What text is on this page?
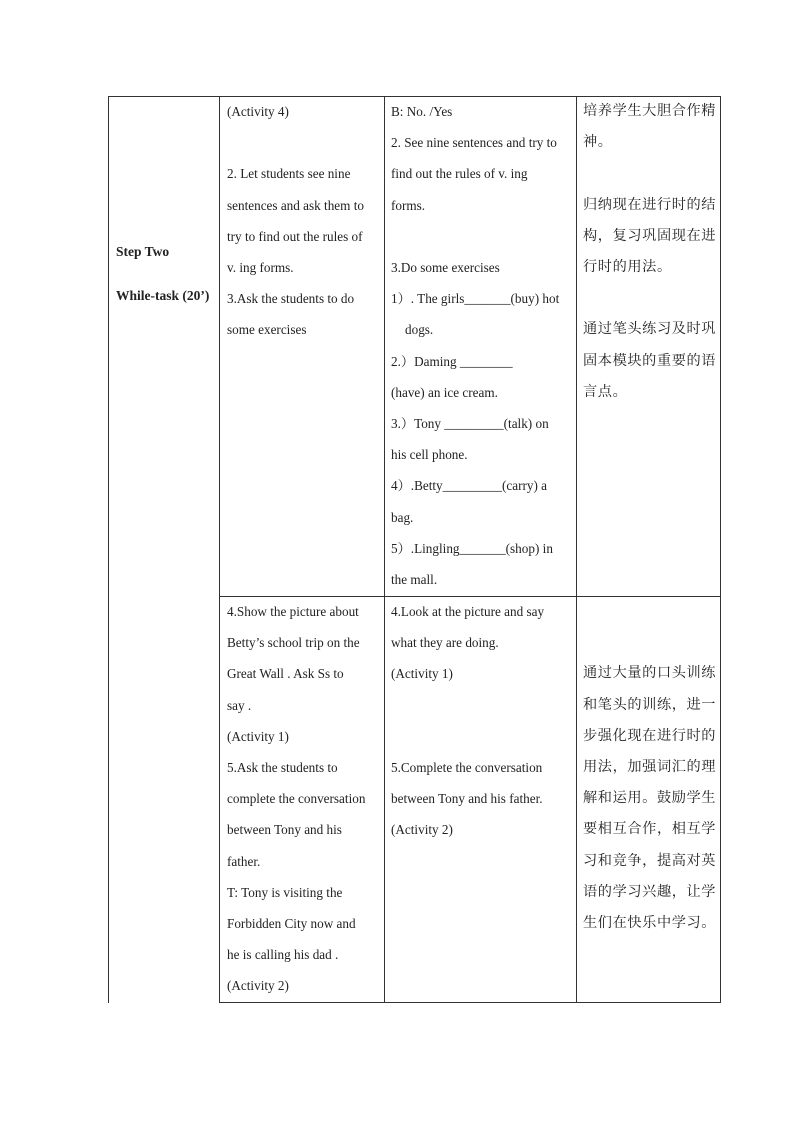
Step Two

While-task (20’)

(Activity 4)

2. Let students see nine

sentences and ask them to

try to find out the rules of

v. ing forms.

3.Ask the students to do

some exercises

B: No. /Yes

2. See nine sentences and try to

find out the rules of v. ing

forms.

3.Do some exercises

1）. The girls_______(buy) hot

dogs.

2.）Daming ________

(have) an ice cream.

3.）Tony _________(talk) on

his cell phone.

4）.Betty_________(carry) a

bag.

5）.Lingling_______(shop) in

the mall.

培养学生大胆合作精

神。

归纳现在进行时的结

构，复习巩固现在进

行时的用法。

通过笔头练习及时巩

固本模块的重要的语

言点。

4.Show the picture about

Betty’s school trip on the

Great Wall . Ask Ss to

say .

(Activity 1)

5.Ask the students to

complete the conversation

between Tony and his

father.

T: Tony is visiting the

Forbidden City now and

he is calling his dad .

(Activity 2)

4.Look at the picture and say

what they are doing.

(Activity 1)

5.Complete the conversation

between Tony and his father.

(Activity 2)

通过大量的口头训练

和笔头的训练，进一

步强化现在进行时的

用法，加强词汇的理

解和运用。鼓励学生

要相互合作，相互学

习和竞争，提高对英

语的学习兴趣，让学

生们在快乐中学习。
